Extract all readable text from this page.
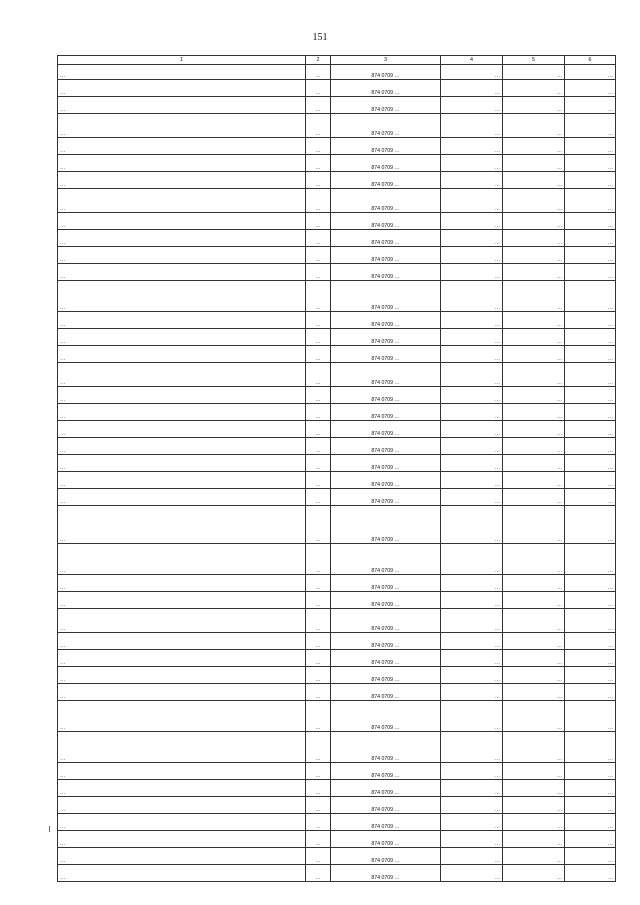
151
1	2	3	4	5	6
…	…	874 0709 …	…	…	…
…	…	874 0709 …	…	…	…
…	…	874 0709 …	…	…	…
…	…	874 0709 …	…	…	…
…	…	874 0709 …	…	…	…
…	…	874 0709 …	…	…	…
…	…	874 0709 …	…	…	…
…	…	874 0709 …	…	…	…
…	…	874 0709 …	…	…	…
…	…	874 0709 …	…	…	…
…	…	874 0709 …	…	…	…
…	…	874 0709 …	…	…	…
…	…	874 0709 …	…	…	…
…	…	874 0709 …	…	…	…
…	…	874 0709 …	…	…	…
…	…	874 0709 …	…	…	…
…	…	874 0709 …	…	…	…
…	…	874 0709 …	…	…	…
…	…	874 0709 …	…	…	…
…	…	874 0709 …	…	…	…
…	…	874 0709 …	…	…	…
…	…	874 0709 …	…	…	…
…	…	874 0709 …	…	…	…
…	…	874 0709 …	…	…	…
…	…	874 0709 …	…	…	…
…	…	874 0709 …	…	…	…
…	…	874 0709 …	…	…	…
…	…	874 0709 …	…	…	…
…	…	874 0709 …	…	…	…
…	…	874 0709 …	…	…	…
…	…	874 0709 …	…	…	…
…	…	874 0709 …	…	…	…
…	…	874 0709 …	…	…	…
…	…	874 0709 …	…	…	…
…	…	874 0709 …	…	…	…
…	…	874 0709 …	…	…	…
…	…	874 0709 …	…	…	…
…	…	874 0709 …	…	…	…
…	…	874 0709 …	…	…	…
…	…	874 0709 …	…	…	…
…	…	874 0709 …	…	…	…
…	…	874 0709 …	…	…	…
